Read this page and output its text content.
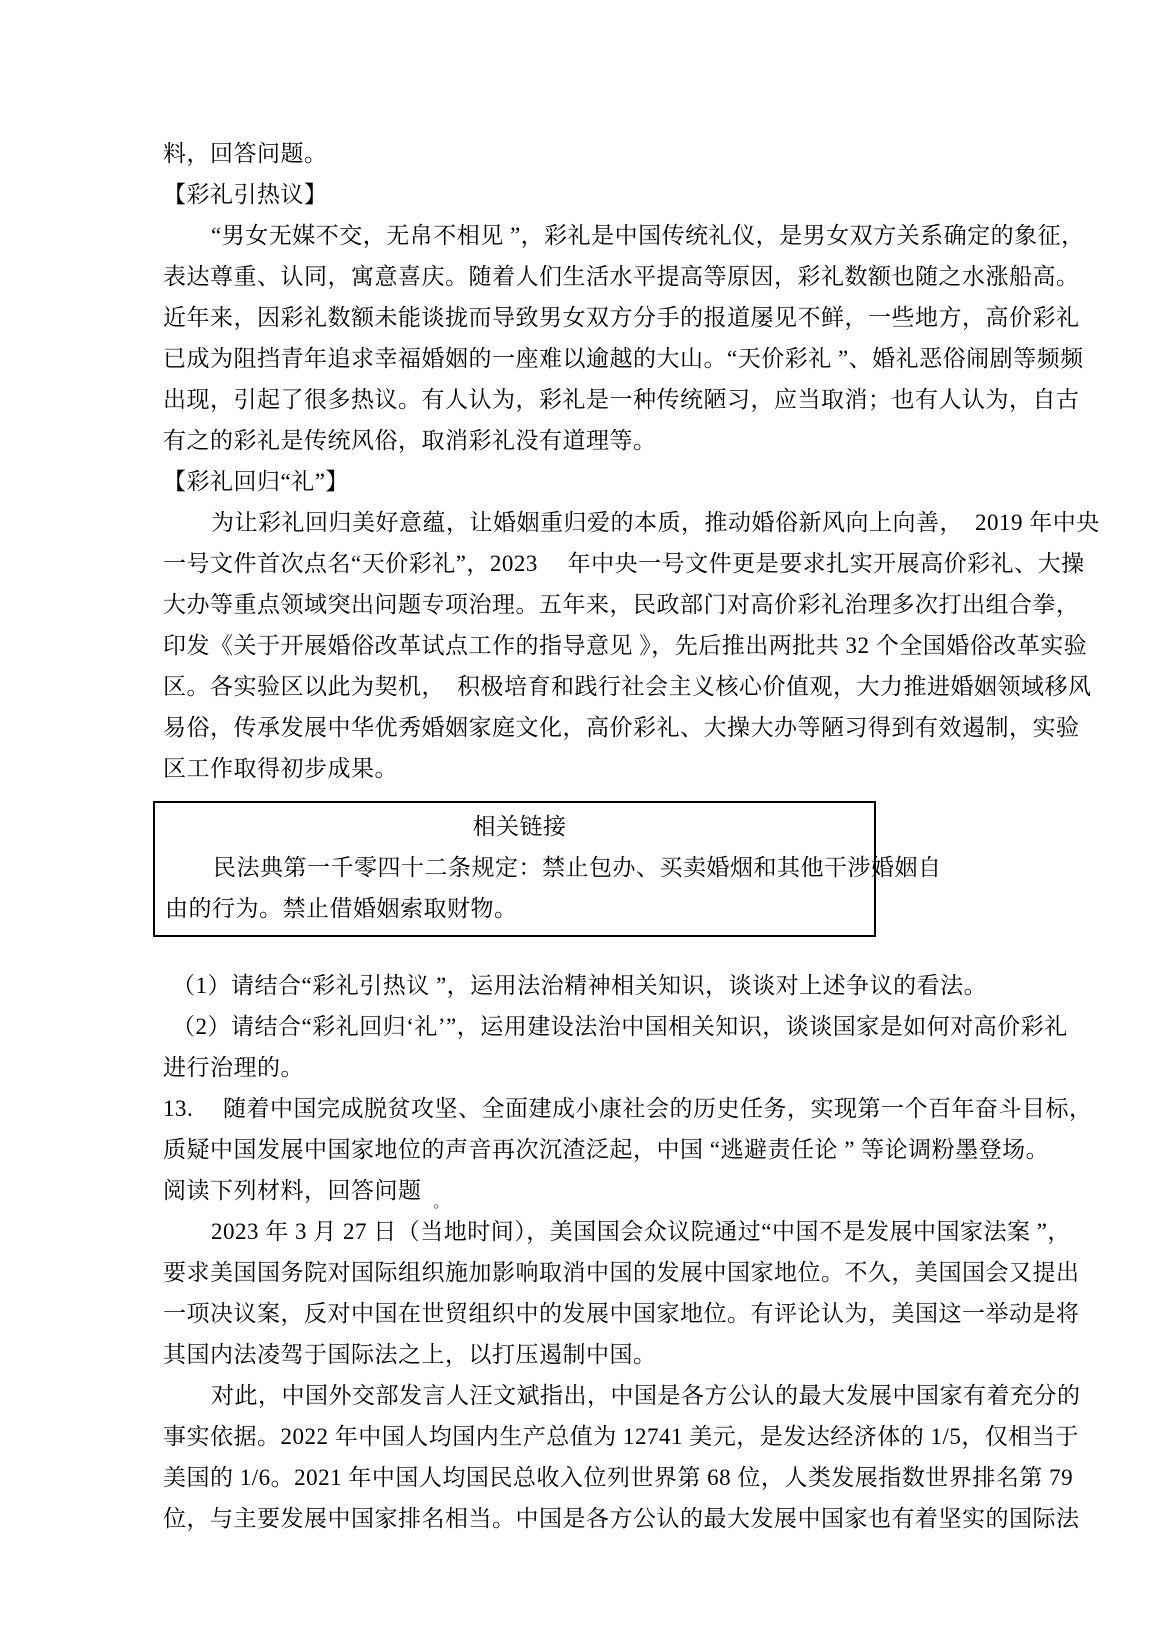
料，回答问题。
【彩礼引热议】
“男女无媒不交，无帛不相见 ”，彩礼是中国传统礼仪，是男女双方关系确定的象征，
表达尊重、认同，寓意喜庆。随着人们生活水平提高等原因，彩礼数额也随之水涨船高。
近年来，因彩礼数额未能谈拢而导致男女双方分手的报道屡见不鲜，一些地方，高价彩礼
已成为阻挡青年追求幸福婚姻的一座难以逾越的大山。“天价彩礼 ”、婚礼恶俗闹剧等频频
出现，引起了很多热议。有人认为，彩礼是一种传统陋习，应当取消；也有人认为，自古
有之的彩礼是传统风俗，取消彩礼没有道理等。
【彩礼回归“礼”】
为让彩礼回归美好意蕴，让婚姻重归爱的本质，推动婚俗新风向上向善，　2019 年中央
一号文件首次点名“天价彩礼”，2023　 年中央一号文件更是要求扎实开展高价彩礼、大操
大办等重点领域突出问题专项治理。五年来，民政部门对高价彩礼治理多次打出组合拳，
印发《关于开展婚俗改革试点工作的指导意见 》，先后推出两批共 32 个全国婚俗改革实验
区。各实验区以此为契机，　积极培育和践行社会主义核心价值观，大力推进婚姻领域移风
易俗，传承发展中华优秀婚姻家庭文化，高价彩礼、大操大办等陋习得到有效遏制，实验
区工作取得初步成果。
相关链接
民法典第一千零四十二条规定：禁止包办、买卖婚烟和其他干涉婚姻自
由的行为。禁止借婚姻索取财物。
（1）请结合“彩礼引热议 ”，运用法治精神相关知识，谈谈对上述争议的看法。
（2）请结合“彩礼回归‘礼’”，运用建设法治中国相关知识，谈谈国家是如何对高价彩礼
进行治理的。
13.　 随着中国完成脱贫攻坚、全面建成小康社会的历史任务，实现第一个百年奋斗目标，
质疑中国发展中国家地位的声音再次沉渣泛起，中国 “逃避责任论 ” 等论调粉墨登场。
阅读下列材料，回答问题 $_。$
2023 年 3 月 27 日（当地时间），美国国会众议院通过“中国不是发展中国家法案 ”，
要求美国国务院对国际组织施加影响取消中国的发展中国家地位。不久，美国国会又提出
一项决议案，反对中国在世贸组织中的发展中国家地位。有评论认为，美国这一举动是将
其国内法凌驾于国际法之上，以打压遏制中国。
对此，中国外交部发言人汪文斌指出，中国是各方公认的最大发展中国家有着充分的
事实依据。2022 年中国人均国内生产总值为 12741 美元，是发达经济体的 1/5，仅相当于
美国的 1/6。2021 年中国人均国民总收入位列世界第 68 位，人类发展指数世界排名第 79
位，与主要发展中国家排名相当。中国是各方公认的最大发展中国家也有着坚实的国际法
